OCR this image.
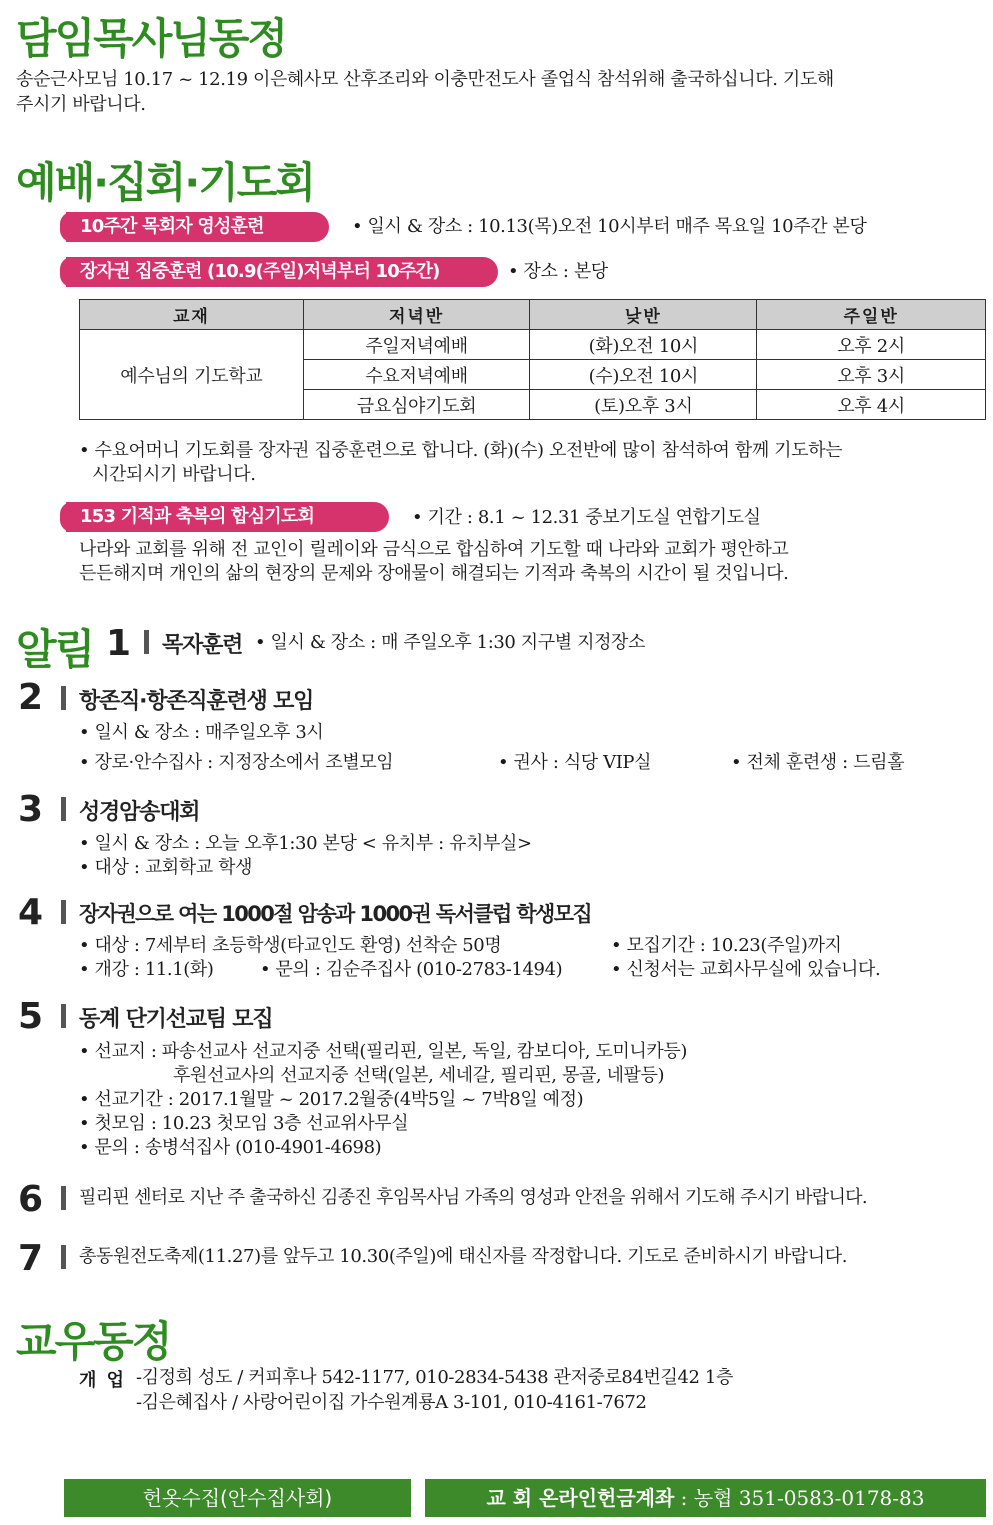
담임목사님동정
송순근사모님 10.17 ~ 12.19 이은혜사모 산후조리와 이충만전도사 졸업식 참석위해 출국하십니다. 기도해
주시기 바랍니다.
예배·집회·기도회
10주간 목회자 영성훈련	• 일시 & 장소 : 10.13(목)오전 10시부터 매주 목요일 10주간 본당
장자권 집중훈련 (10.9(주일)저녁부터 10주간)	• 장소 : 본당
교재	저녁반	낮반	주일반
예수님의 기도학교	주일저녁예배	(화)오전 10시	오후 2시
	수요저녁예배	(수)오전 10시	오후 3시
	금요심야기도회	(토)오후 3시	오후 4시
• 수요어머니 기도회를 장자권 집중훈련으로 합니다. (화)(수) 오전반에 많이 참석하여 함께 기도하는
시간되시기 바랍니다.
153 기적과 축복의 합심기도회	• 기간 : 8.1 ~ 12.31 중보기도실 연합기도실
나라와 교회를 위해 전 교인이 릴레이와 금식으로 합심하여 기도할 때 나라와 교회가 평안하고
든든해지며 개인의 삶의 현장의 문제와 장애물이 해결되는 기적과 축복의 시간이 될 것입니다.
알림 1 목자훈련 • 일시 & 장소 : 매 주일오후 1:30 지구별 지정장소
2 항존직·항존직훈련생 모임
• 일시 & 장소 : 매주일오후 3시
• 장로·안수집사 : 지정장소에서 조별모임	• 권사 : 식당 VIP실	• 전체 훈련생 : 드림홀
3 성경암송대회
• 일시 & 장소 : 오늘 오후1:30 본당 < 유치부 : 유치부실>
• 대상 : 교회학교 학생
4 장자권으로 여는 1000절 암송과 1000권 독서클럽 학생모집
• 대상 : 7세부터 초등학생(타교인도 환영) 선착순 50명	• 모집기간 : 10.23(주일)까지
• 개강 : 11.1(화)	• 문의 : 김순주집사 (010-2783-1494)	• 신청서는 교회사무실에 있습니다.
5 동계 단기선교팀 모집
• 선교지 : 파송선교사 선교지중 선택(필리핀, 일본, 독일, 캄보디아, 도미니카등)
후원선교사의 선교지중 선택(일본, 세네갈, 필리핀, 몽골, 네팔등)
• 선교기간 : 2017.1월말 ~ 2017.2월중(4박5일 ~ 7박8일 예정)
• 첫모임 : 10.23 첫모임 3층 선교위사무실
• 문의 : 송병석집사 (010-4901-4698)
6 필리핀 센터로 지난 주 출국하신 김종진 후임목사님 가족의 영성과 안전을 위해서 기도해 주시기 바랍니다.
7 총동원전도축제(11.27)를 앞두고 10.30(주일)에 태신자를 작정합니다. 기도로 준비하시기 바랍니다.
교우동정
개 업 -김정희 성도 / 커피후나 542-1177, 010-2834-5438 관저중로84번길42 1층
-김은혜집사 / 사랑어린이집 가수원계룡A 3-101, 010-4161-7672
헌옷수집(안수집사회)	교 회 온라인헌금계좌 : 농협 351-0583-0178-83
